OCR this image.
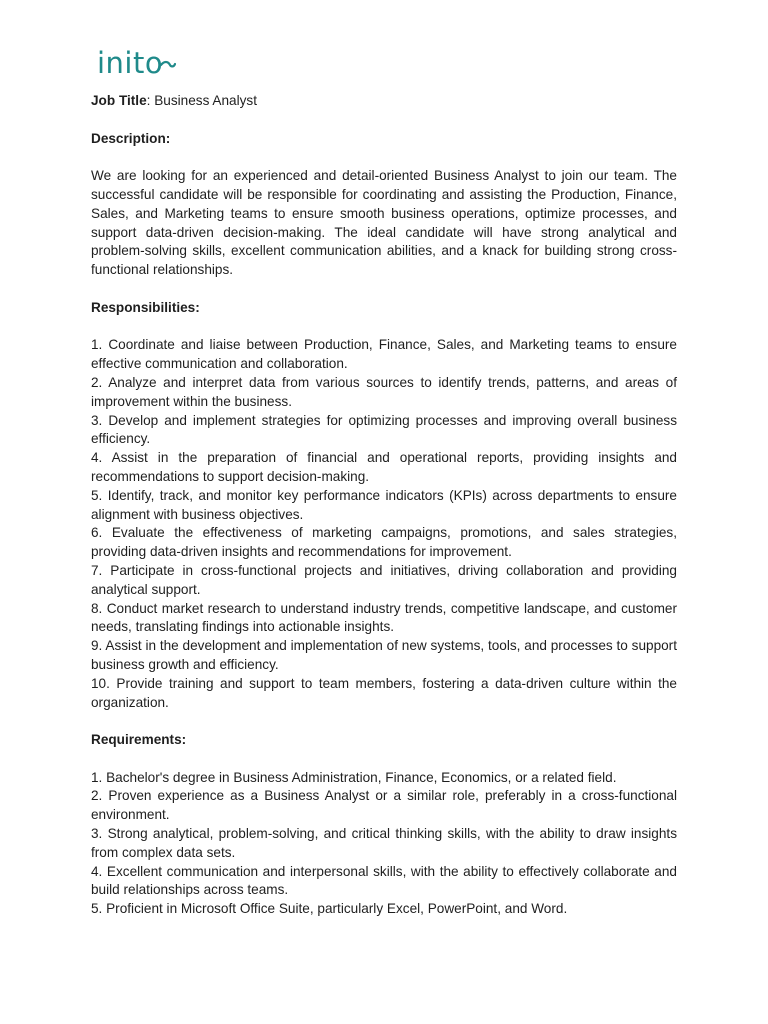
inito

Job Title: Business Analyst

Description:

We are looking for an experienced and detail-oriented Business Analyst to join our team. The successful candidate will be responsible for coordinating and assisting the Production, Finance, Sales, and Marketing teams to ensure smooth business operations, optimize processes, and support data-driven decision-making. The ideal candidate will have strong analytical and problem-solving skills, excellent communication abilities, and a knack for building strong cross-functional relationships.

Responsibilities:

1. Coordinate and liaise between Production, Finance, Sales, and Marketing teams to ensure effective communication and collaboration.

2. Analyze and interpret data from various sources to identify trends, patterns, and areas of improvement within the business.

3. Develop and implement strategies for optimizing processes and improving overall business efficiency.

4. Assist in the preparation of financial and operational reports, providing insights and recommendations to support decision-making.

5. Identify, track, and monitor key performance indicators (KPIs) across departments to ensure alignment with business objectives.

6. Evaluate the effectiveness of marketing campaigns, promotions, and sales strategies, providing data-driven insights and recommendations for improvement.

7. Participate in cross-functional projects and initiatives, driving collaboration and providing analytical support.

8. Conduct market research to understand industry trends, competitive landscape, and customer needs, translating findings into actionable insights.

9. Assist in the development and implementation of new systems, tools, and processes to support business growth and efficiency.

10. Provide training and support to team members, fostering a data-driven culture within the organization.

Requirements:

1. Bachelor's degree in Business Administration, Finance, Economics, or a related field.

2. Proven experience as a Business Analyst or a similar role, preferably in a cross-functional environment.

3. Strong analytical, problem-solving, and critical thinking skills, with the ability to draw insights from complex data sets.

4. Excellent communication and interpersonal skills, with the ability to effectively collaborate and build relationships across teams.

5. Proficient in Microsoft Office Suite, particularly Excel, PowerPoint, and Word.
